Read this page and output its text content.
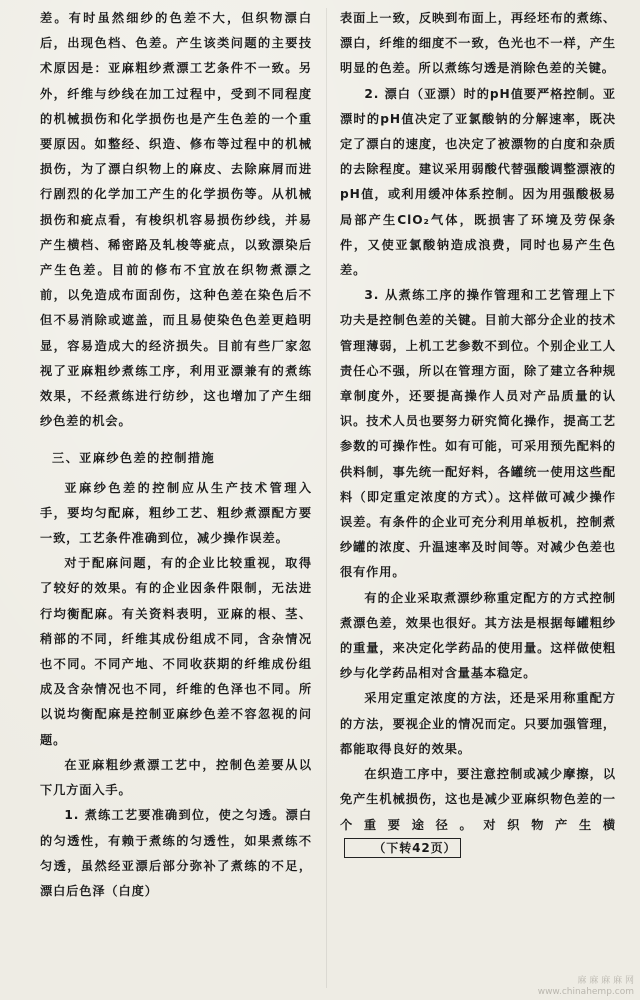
差。有时虽然细纱的色差不大，但织物漂白后，出现色档、色差。产生该类问题的主要技术原因是：亚麻粗纱煮漂工艺条件不一致。另外，纤维与纱线在加工过程中，受到不同程度的机械损伤和化学损伤也是产生色差的一个重要原因。如整经、织造、修布等过程中的机械损伤，为了漂白织物上的麻皮、去除麻屑而进行剧烈的化学加工产生的化学损伤等。从机械损伤和疵点看，有梭织机容易损伤纱线，并易产生横档、稀密路及轧梭等疵点，以致漂染后产生色差。目前的修布不宜放在织物煮漂之前，以免造成布面刮伤，这种色差在染色后不但不易消除或遮盖，而且易使染色色差更趋明显，容易造成大的经济损失。目前有些厂家忽视了亚麻粗纱煮练工序，利用亚漂兼有的煮练效果，不经煮练进行纺纱，这也增加了产生细纱色差的机会。

三、亚麻纱色差的控制措施

亚麻纱色差的控制应从生产技术管理入手，要均匀配麻，粗纱工艺、粗纱煮漂配方要一致，工艺条件准确到位，减少操作误差。

对于配麻问题，有的企业比较重视，取得了较好的效果。有的企业因条件限制，无法进行均衡配麻。有关资料表明，亚麻的根、茎、稍部的不同，纤维其成份组成不同，含杂情况也不同。不同产地、不同收获期的纤维成份组成及含杂情况也不同，纤维的色泽也不同。所以说均衡配麻是控制亚麻纱色差不容忽视的问题。

在亚麻粗纱煮漂工艺中，控制色差要从以下几方面入手。

1. 煮练工艺要准确到位，使之匀透。漂白的匀透性，有赖于煮练的匀透性，如果煮练不匀透，虽然经亚漂后部分弥补了煮练的不足，漂白后色泽（白度）

表面上一致，反映到布面上，再经坯布的煮练、漂白，纤维的细度不一致，色光也不一样，产生明显的色差。所以煮练匀透是消除色差的关键。

2. 漂白（亚漂）时的pH值要严格控制。亚漂时的pH值决定了亚氯酸钠的分解速率，既决定了漂白的速度，也决定了被漂物的白度和杂质的去除程度。建议采用弱酸代替强酸调整漂液的pH值，或利用缓冲体系控制。因为用强酸极易局部产生ClO₂气体，既损害了环境及劳保条件，又使亚氯酸钠造成浪费，同时也易产生色差。

3. 从煮练工序的操作管理和工艺管理上下功夫是控制色差的关键。目前大部分企业的技术管理薄弱，上机工艺参数不到位。个别企业工人责任心不强，所以在管理方面，除了建立各种规章制度外，还要提高操作人员对产品质量的认识。技术人员也要努力研究简化操作，提高工艺参数的可操作性。如有可能，可采用预先配料的供料制，事先统一配好料，各罐统一使用这些配料（即定重定浓度的方式）。这样做可减少操作误差。有条件的企业可充分利用单板机，控制煮纱罐的浓度、升温速率及时间等。对减少色差也很有作用。

有的企业采取煮漂纱称重定配方的方式控制煮漂色差，效果也很好。其方法是根据每罐粗纱的重量，来决定化学药品的使用量。这样做使粗纱与化学药品相对含量基本稳定。

采用定重定浓度的方法，还是采用称重配方的方法，要视企业的情况而定。只要加强管理，都能取得良好的效果。

在织造工序中，要注意控制或减少摩擦，以免产生机械损伤，这也是减少亚麻织物色差的一个重要途径。对织物产生横（下转42页）

麻 麻 麻 麻 网
www.chinahemp.com
